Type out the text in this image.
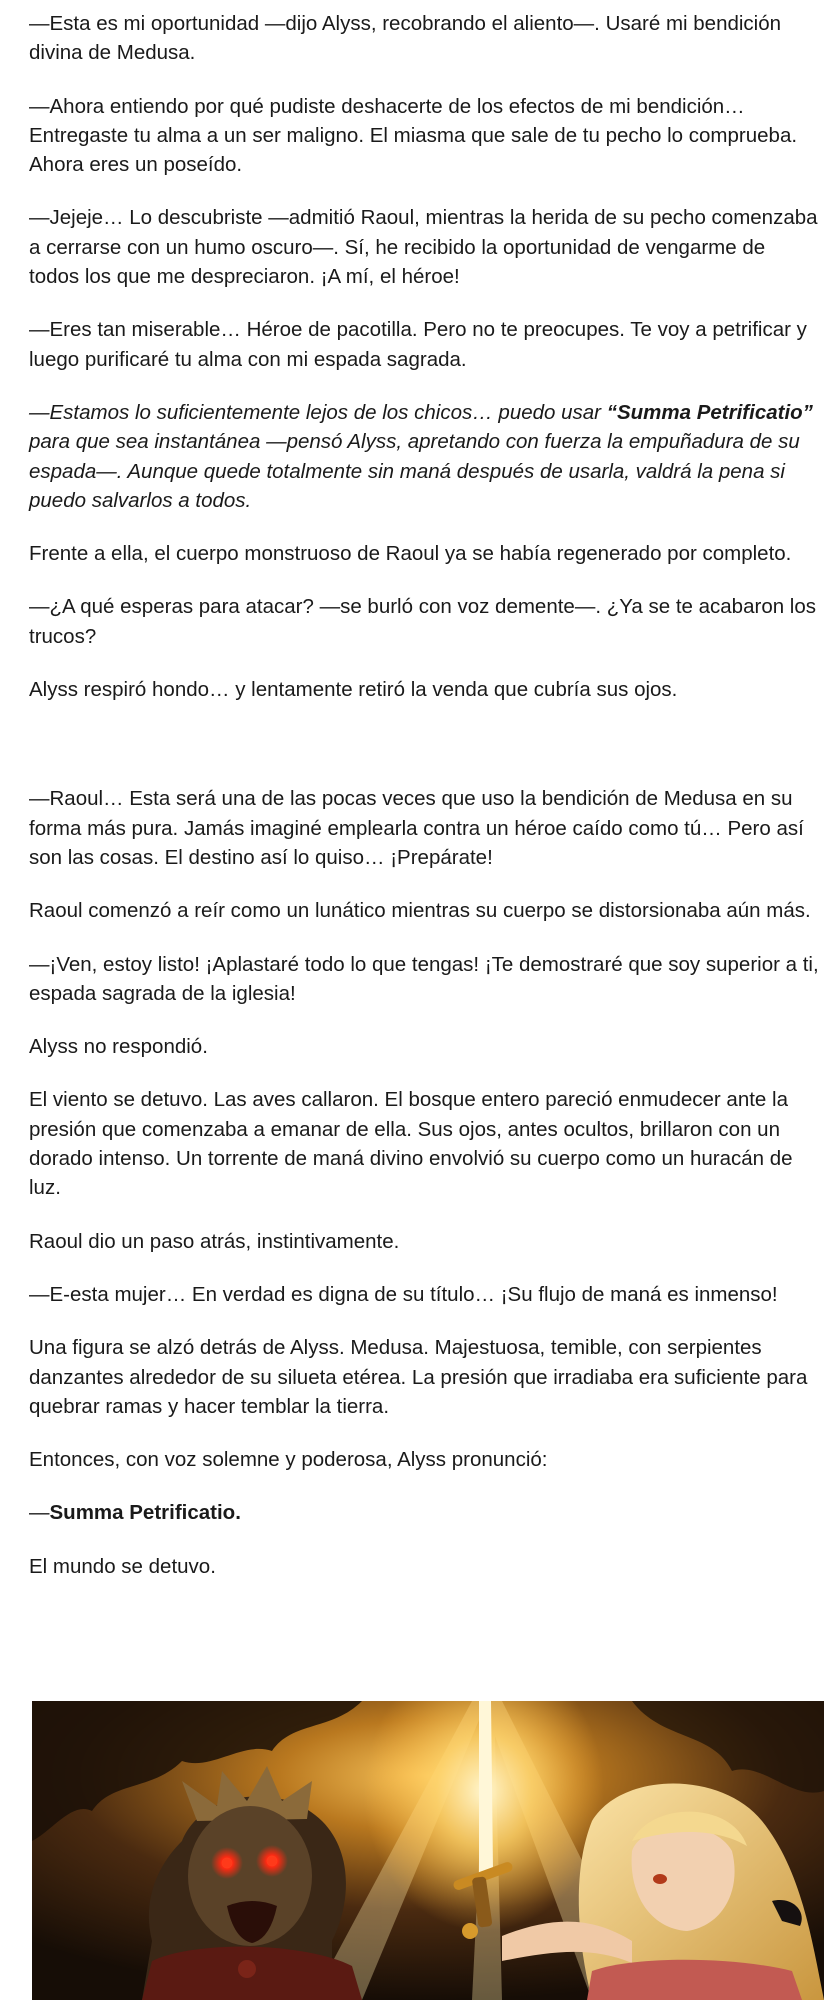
—Esta es mi oportunidad —dijo Alyss, recobrando el aliento—. Usaré mi bendición divina de Medusa.

—Ahora entiendo por qué pudiste deshacerte de los efectos de mi bendición… Entregaste tu alma a un ser maligno. El miasma que sale de tu pecho lo comprueba. Ahora eres un poseído.

—Jejeje… Lo descubriste —admitió Raoul, mientras la herida de su pecho comenzaba a cerrarse con un humo oscuro—. Sí, he recibido la oportunidad de vengarme de todos los que me despreciaron. ¡A mí, el héroe!

—Eres tan miserable… Héroe de pacotilla. Pero no te preocupes. Te voy a petrificar y luego purificaré tu alma con mi espada sagrada.

—Estamos lo suficientemente lejos de los chicos… puedo usar “Summa Petrificatio” para que sea instantánea —pensó Alyss, apretando con fuerza la empuñadura de su espada—. Aunque quede totalmente sin maná después de usarla, valdrá la pena si puedo salvarlos a todos.

Frente a ella, el cuerpo monstruoso de Raoul ya se había regenerado por completo.

—¿A qué esperas para atacar? —se burló con voz demente—. ¿Ya se te acabaron los trucos?

Alyss respiró hondo… y lentamente retiró la venda que cubría sus ojos.

—Raoul… Esta será una de las pocas veces que uso la bendición de Medusa en su forma más pura. Jamás imaginé emplearla contra un héroe caído como tú… Pero así son las cosas. El destino así lo quiso… ¡Prepárate!

Raoul comenzó a reír como un lunático mientras su cuerpo se distorsionaba aún más.

—¡Ven, estoy listo! ¡Aplastaré todo lo que tengas! ¡Te demostraré que soy superior a ti, espada sagrada de la iglesia!

Alyss no respondió.

El viento se detuvo. Las aves callaron. El bosque entero pareció enmudecer ante la presión que comenzaba a emanar de ella. Sus ojos, antes ocultos, brillaron con un dorado intenso. Un torrente de maná divino envolvió su cuerpo como un huracán de luz.

Raoul dio un paso atrás, instintivamente.

—E-esta mujer… En verdad es digna de su título… ¡Su flujo de maná es inmenso!

Una figura se alzó detrás de Alyss. Medusa. Majestuosa, temible, con serpientes danzantes alrededor de su silueta etérea. La presión que irradiaba era suficiente para quebrar ramas y hacer temblar la tierra.

Entonces, con voz solemne y poderosa, Alyss pronunció:

—Summa Petrificatio.

El mundo se detuvo.
